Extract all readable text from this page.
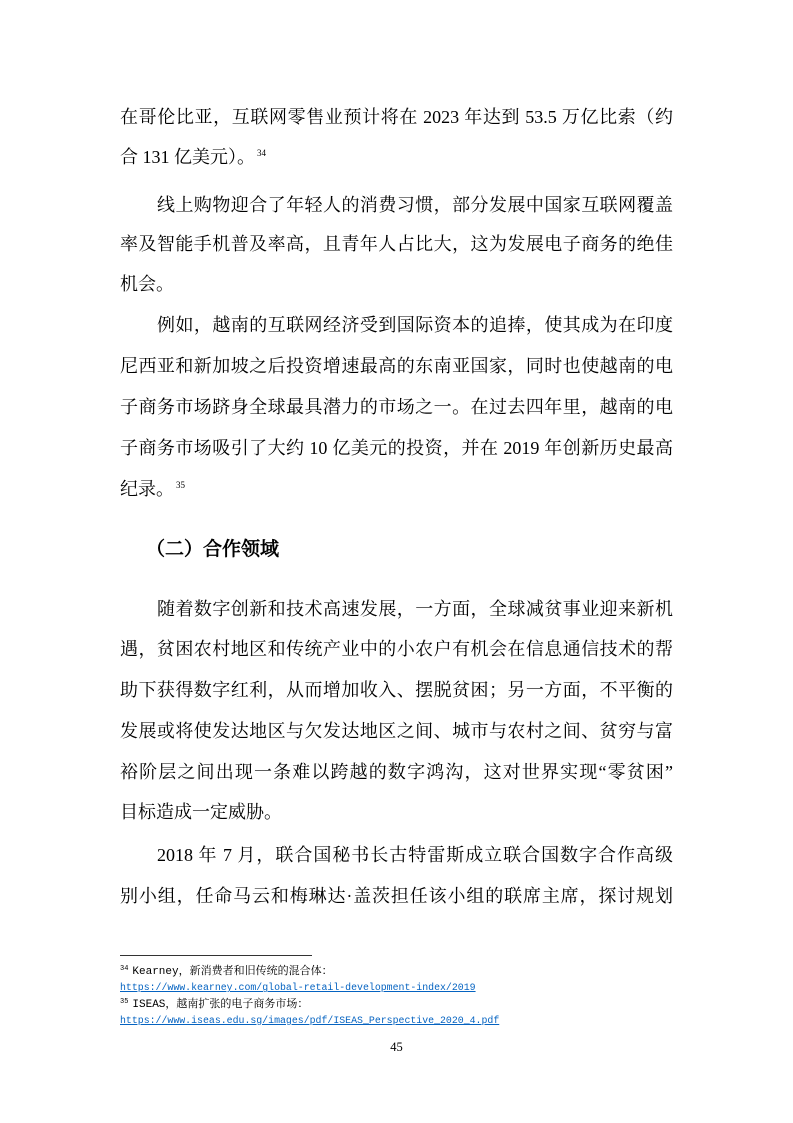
在哥伦比亚，互联网零售业预计将在 2023 年达到 53.5 万亿比索（约
合 131 亿美元）。 $^{34}$
线上购物迎合了年轻人的消费习惯，部分发展中国家互联网覆盖
率及智能手机普及率高，且青年人占比大，这为发展电子商务的绝佳
机会。
例如，越南的互联网经济受到国际资本的追捧，使其成为在印度
尼西亚和新加坡之后投资增速最高的东南亚国家，同时也使越南的电
子商务市场跻身全球最具潜力的市场之一。在过去四年里，越南的电
子商务市场吸引了大约 10 亿美元的投资，并在 2019 年创新历史最高
纪录。 $^{35}$
（二）合作领域
随着数字创新和技术高速发展，一方面，全球减贫事业迎来新机
遇，贫困农村地区和传统产业中的小农户有机会在信息通信技术的帮
助下获得数字红利，从而增加收入、摆脱贫困；另一方面，不平衡的
发展或将使发达地区与欠发达地区之间、城市与农村之间、贫穷与富
裕阶层之间出现一条难以跨越的数字鸿沟，这对世界实现“零贫困”
目标造成一定威胁。
2018 年 7 月，联合国秘书长古特雷斯成立联合国数字合作高级
别小组，任命马云和梅琳达·盖茨担任该小组的联席主席，探讨规划
$^{34}$ Kearney，新消费者和旧传统的混合体：
https://www.kearney.com/global-retail-development-index/2019
$^{35}$ ISEAS，越南扩张的电子商务市场：
https://www.iseas.edu.sg/images/pdf/ISEAS_Perspective_2020_4.pdf
45
